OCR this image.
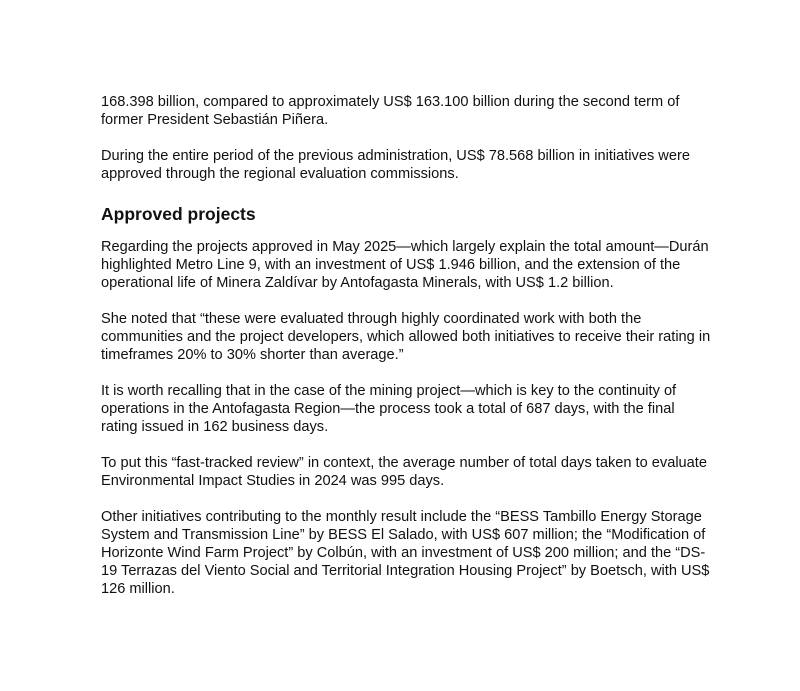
168.398 billion, compared to approximately US$ 163.100 billion during the second term of former President Sebastián Piñera.

During the entire period of the previous administration, US$ 78.568 billion in initiatives were approved through the regional evaluation commissions.

Approved projects

Regarding the projects approved in May 2025—which largely explain the total amount—Durán highlighted Metro Line 9, with an investment of US$ 1.946 billion, and the extension of the operational life of Minera Zaldívar by Antofagasta Minerals, with US$ 1.2 billion.

She noted that “these were evaluated through highly coordinated work with both the communities and the project developers, which allowed both initiatives to receive their rating in timeframes 20% to 30% shorter than average.”

It is worth recalling that in the case of the mining project—which is key to the continuity of operations in the Antofagasta Region—the process took a total of 687 days, with the final rating issued in 162 business days.

To put this “fast-tracked review” in context, the average number of total days taken to evaluate Environmental Impact Studies in 2024 was 995 days.

Other initiatives contributing to the monthly result include the “BESS Tambillo Energy Storage System and Transmission Line” by BESS El Salado, with US$ 607 million; the “Modification of Horizonte Wind Farm Project” by Colbún, with an investment of US$ 200 million; and the “DS-19 Terrazas del Viento Social and Territorial Integration Housing Project” by Boetsch, with US$ 126 million.
